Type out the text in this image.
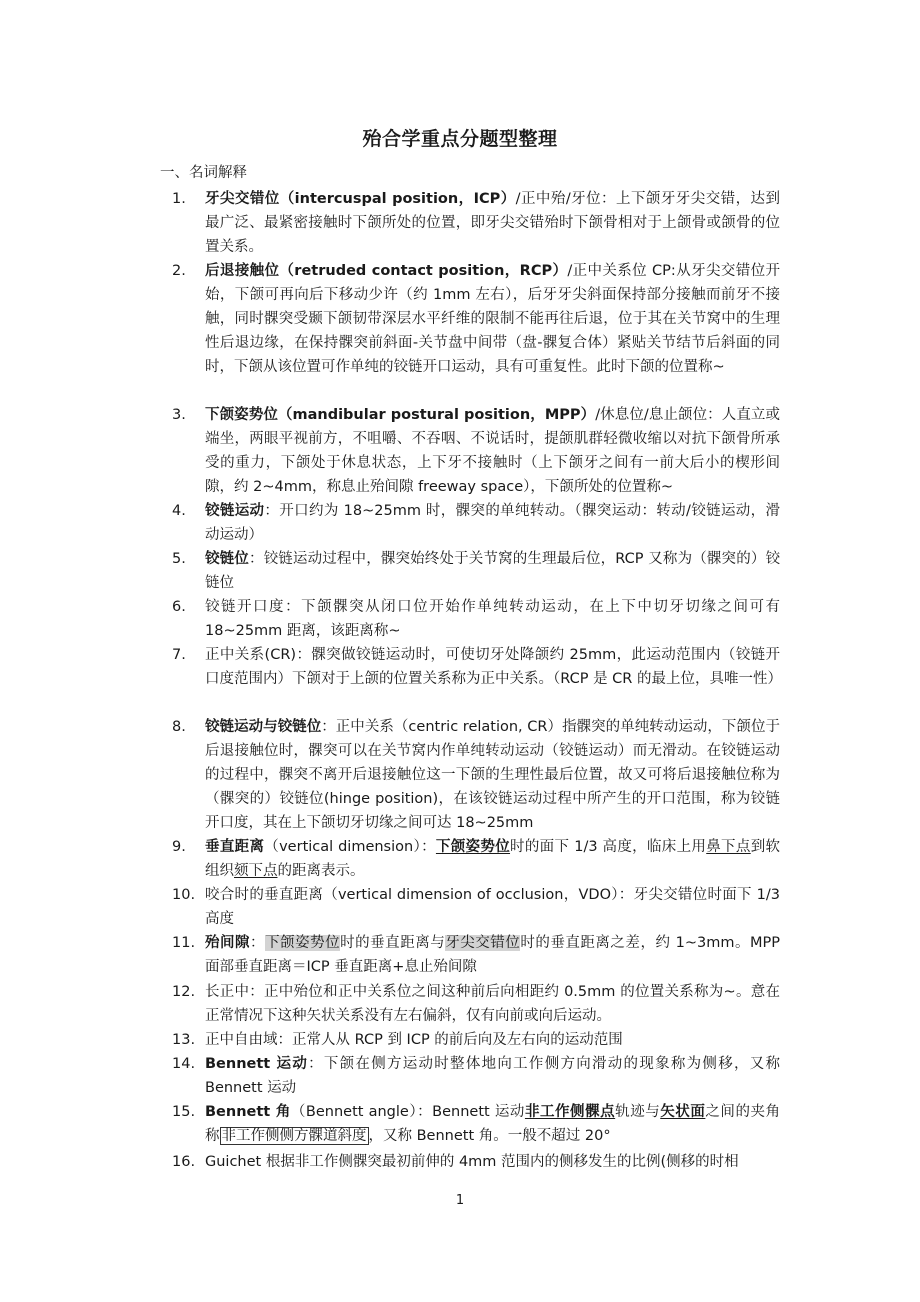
殆合学重点分题型整理
一、名词解释
1.	牙尖交错位（intercuspal position，ICP）/正中殆/牙位：上下颌牙牙尖交错，达到最广泛、最紧密接触时下颌所处的位置，即牙尖交错殆时下颌骨相对于上颌骨或颌骨的位置关系。
2.	后退接触位（retruded contact position，RCP）/正中关系位 CP:从牙尖交错位开始，下颌可再向后下移动少许（约 1mm 左右），后牙牙尖斜面保持部分接触而前牙不接触，同时髁突受颞下颌韧带深层水平纤维的限制不能再往后退，位于其在关节窝中的生理性后退边缘，在保持髁突前斜面-关节盘中间带（盘-髁复合体）紧贴关节结节后斜面的同时，下颌从该位置可作单纯的铰链开口运动，具有可重复性。此时下颌的位置称~
3.	下颌姿势位（mandibular postural position，MPP）/休息位/息止颌位：人直立或端坐，两眼平视前方，不咀嚼、不吞咽、不说话时，提颌肌群轻微收缩以对抗下颌骨所承受的重力，下颌处于休息状态，上下牙不接触时（上下颌牙之间有一前大后小的楔形间隙，约 2~4mm，称息止殆间隙 freeway space），下颌所处的位置称~
4.	铰链运动：开口约为 18~25mm 时，髁突的单纯转动。（髁突运动：转动/铰链运动，滑动运动）
5.	铰链位：铰链运动过程中，髁突始终处于关节窝的生理最后位，RCP 又称为（髁突的）铰链位
6.	铰链开口度：下颌髁突从闭口位开始作单纯转动运动，在上下中切牙切缘之间可有 18~25mm 距离，该距离称~
7.	正中关系(CR)：髁突做铰链运动时，可使切牙处降颌约 25mm，此运动范围内（铰链开口度范围内）下颌对于上颌的位置关系称为正中关系。（RCP 是 CR 的最上位，具唯一性）
8.	铰链运动与铰链位：正中关系（centric relation, CR）指髁突的单纯转动运动，下颌位于后退接触位时，髁突可以在关节窝内作单纯转动运动（铰链运动）而无滑动。在铰链运动的过程中，髁突不离开后退接触位这一下颌的生理性最后位置，故又可将后退接触位称为（髁突的）铰链位(hinge position)，在该铰链运动过程中所产生的开口范围，称为铰链开口度，其在上下颌切牙切缘之间可达 18~25mm
9.	垂直距离（vertical dimension）：下颌姿势位时的面下 1/3 高度，临床上用鼻下点到软组织颏下点的距离表示。
10. 咬合时的垂直距离（vertical dimension of occlusion，VDO）：牙尖交错位时面下 1/3 高度
11. 殆间隙：下颌姿势位时的垂直距离与牙尖交错位时的垂直距离之差，约 1~3mm。MPP 面部垂直距离＝ICP 垂直距离+息止殆间隙
12. 长正中：正中殆位和正中关系位之间这种前后向相距约 0.5mm 的位置关系称为~。意在正常情况下这种矢状关系没有左右偏斜，仅有向前或向后运动。
13. 正中自由域：正常人从 RCP 到 ICP 的前后向及左右向的运动范围
14. Bennett 运动：下颌在侧方运动时整体地向工作侧方向滑动的现象称为侧移，又称 Bennett 运动
15. Bennett 角（Bennett angle）：Bennett 运动非工作侧髁点轨迹与矢状面之间的夹角称 非工作侧侧方髁道斜度 ，又称 Bennett 角。一般不超过 20°
16. Guichet 根据非工作侧髁突最初前伸的 4mm 范围内的侧移发生的比例(侧移的时相
1
